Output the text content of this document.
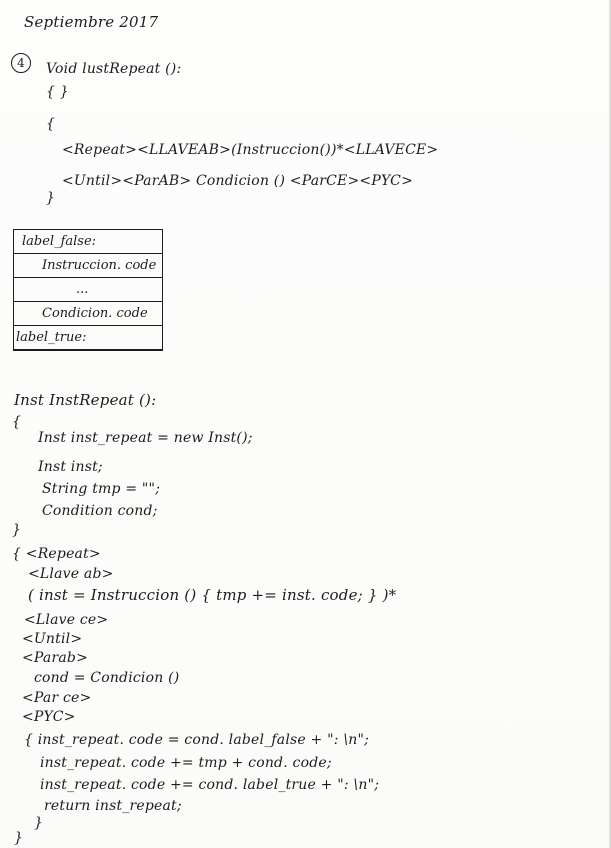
Septiembre 2017
4	Void lustRepeat ():
{ }
{
<Repeat><LLAVEAB>(Instruccion())*<LLAVECE>
<Until><ParAB> Condicion () <ParCE><PYC>
}
label_false:
Instruccion. code
...
Condicion. code
label_true:
Inst InstRepeat ():
{
Inst inst_repeat = new Inst();
Inst inst;
String tmp = "";
Condition cond;
}
{ <Repeat>
<Llave ab>
( inst = Instruccion () { tmp += inst. code; } )*
<Llave ce>
<Until>
<Parab>
cond = Condicion ()
<Par ce>
<PYC>
{ inst_repeat. code = cond. label_false + ": \n";
inst_repeat. code += tmp + cond. code;
inst_repeat. code += cond. label_true + ": \n";
return inst_repeat;
}
}
